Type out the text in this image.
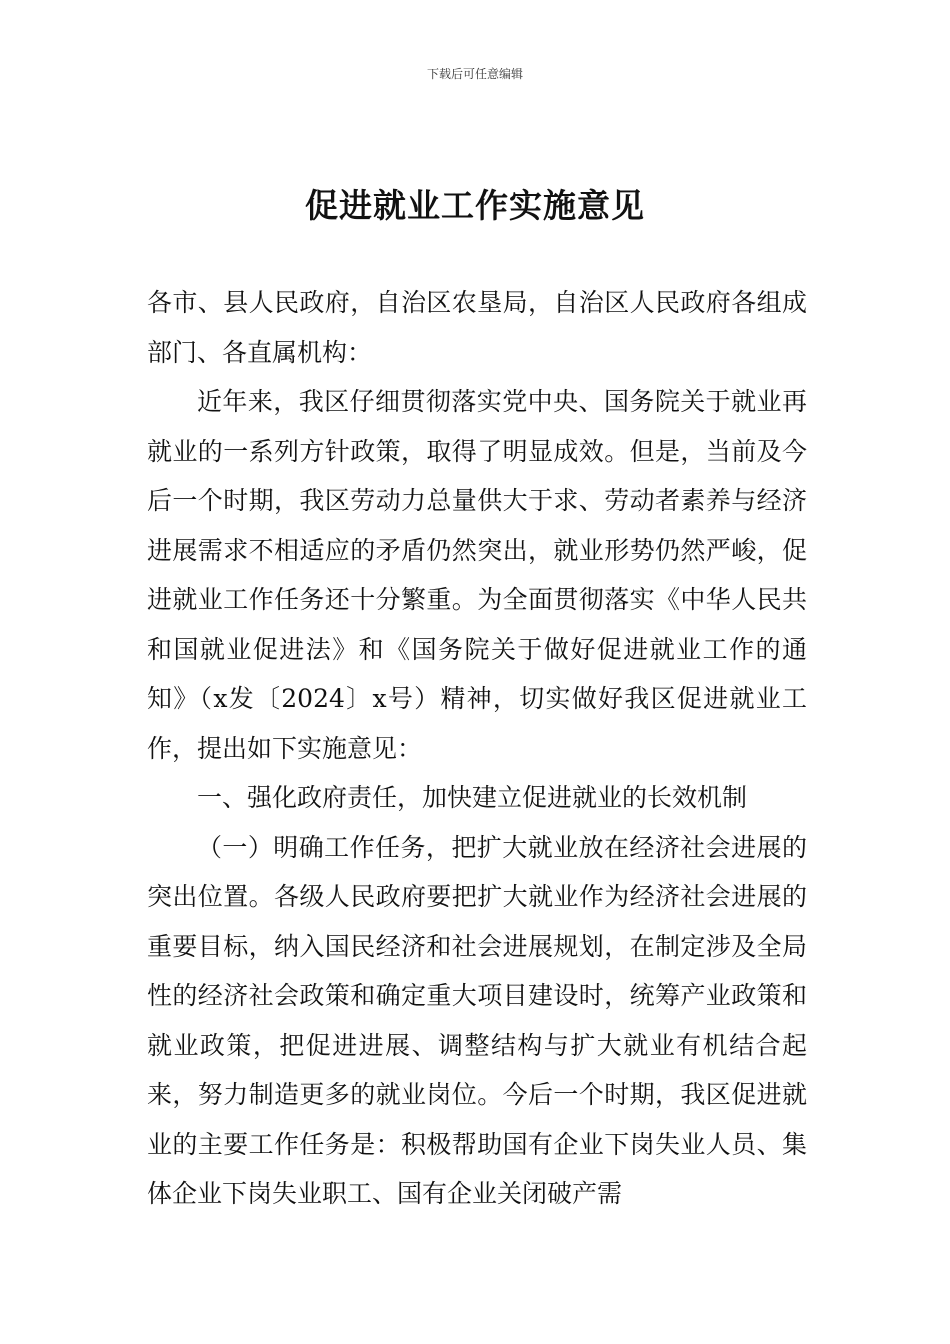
下载后可任意编辑
促进就业工作实施意见

各市、县人民政府，自治区农垦局，自治区人民政府各组成部门、各直属机构：

近年来，我区仔细贯彻落实党中央、国务院关于就业再就业的一系列方针政策，取得了明显成效。但是，当前及今后一个时期，我区劳动力总量供大于求、劳动者素养与经济进展需求不相适应的矛盾仍然突出，就业形势仍然严峻，促进就业工作任务还十分繁重。为全面贯彻落实《中华人民共和国就业促进法》和《国务院关于做好促进就业工作的通知》（x发〔2024〕x号）精神，切实做好我区促进就业工作，提出如下实施意见：

一、强化政府责任，加快建立促进就业的长效机制

（一）明确工作任务，把扩大就业放在经济社会进展的突出位置。各级人民政府要把扩大就业作为经济社会进展的重要目标，纳入国民经济和社会进展规划，在制定涉及全局性的经济社会政策和确定重大项目建设时，统筹产业政策和就业政策，把促进进展、调整结构与扩大就业有机结合起来，努力制造更多的就业岗位。今后一个时期，我区促进就业的主要工作任务是：积极帮助国有企业下岗失业人员、集体企业下岗失业职工、国有企业关闭破产需
